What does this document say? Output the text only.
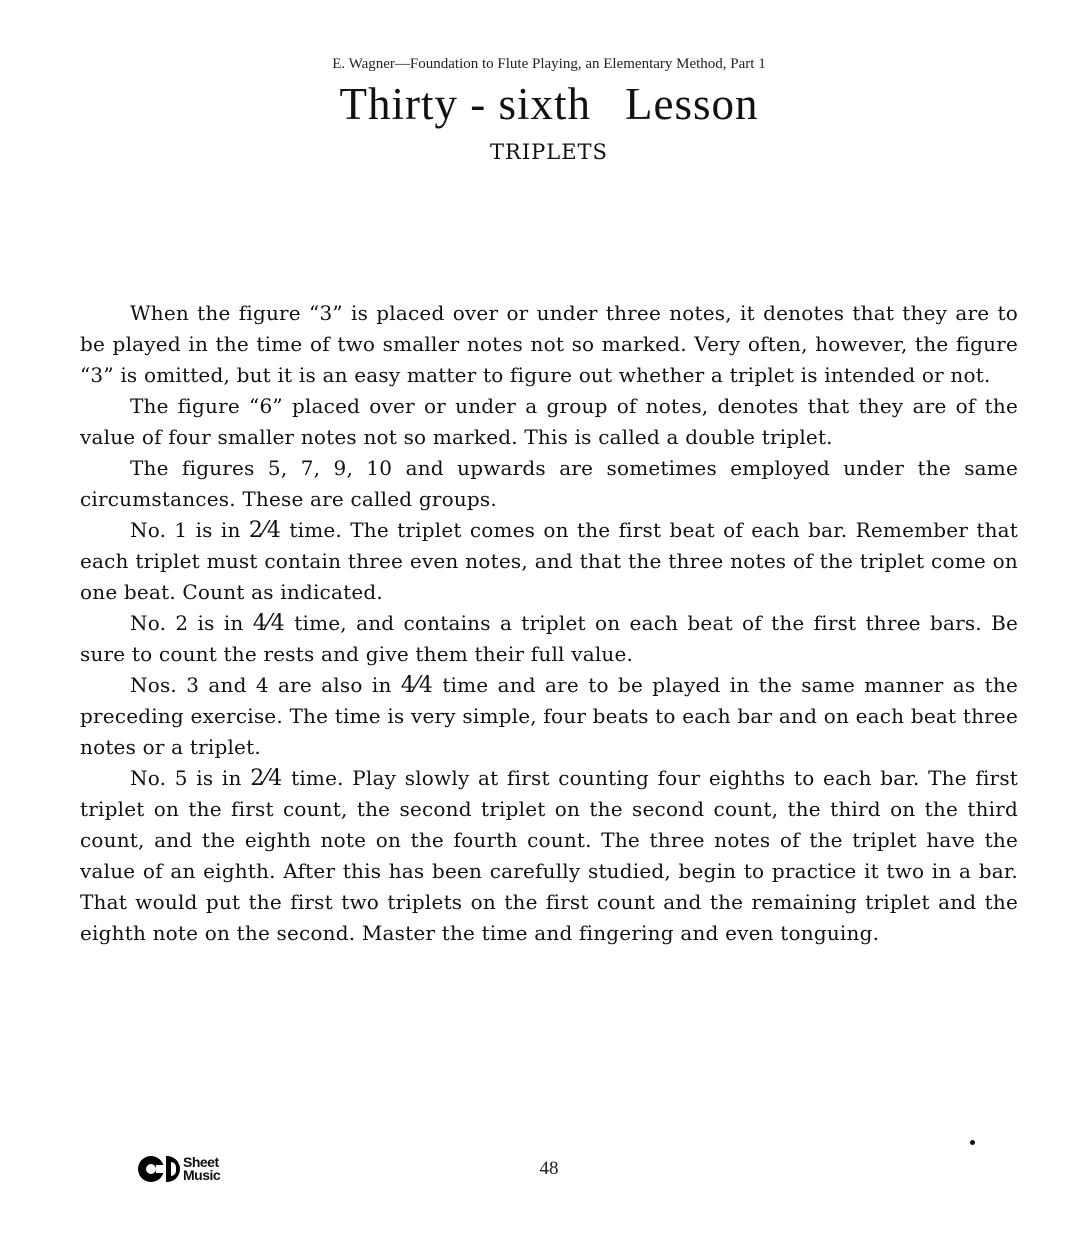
E. Wagner—Foundation to Flute Playing, an Elementary Method, Part 1
Thirty - sixth Lesson
TRIPLETS

When the figure “3” is placed over or under three notes, it denotes that they are to be played in the time of two smaller notes not so marked. Very often, however, the figure “3” is omitted, but it is an easy matter to figure out whether a triplet is intended or not.

The figure “6” placed over or under a group of notes, denotes that they are of the value of four smaller notes not so marked. This is called a double triplet.

The figures 5, 7, 9, 10 and upwards are sometimes employed under the same circumstances. These are called groups.

No. 1 is in 2⁄4 time. The triplet comes on the first beat of each bar. Remember that each triplet must contain three even notes, and that the three notes of the triplet come on one beat. Count as indicated.

No. 2 is in 4⁄4 time, and contains a triplet on each beat of the first three bars. Be sure to count the rests and give them their full value.

Nos. 3 and 4 are also in 4⁄4 time and are to be played in the same manner as the preceding exercise. The time is very simple, four beats to each bar and on each beat three notes or a triplet.

No. 5 is in 2⁄4 time. Play slowly at first counting four eighths to each bar. The first triplet on the first count, the second triplet on the second count, the third on the third count, and the eighth note on the fourth count. The three notes of the triplet have the value of an eighth. After this has been carefully studied, begin to practice it two in a bar. That would put the first two triplets on the first count and the remaining triplet and the eighth note on the second. Master the time and fingering and even tonguing.

Sheet
Music	48
